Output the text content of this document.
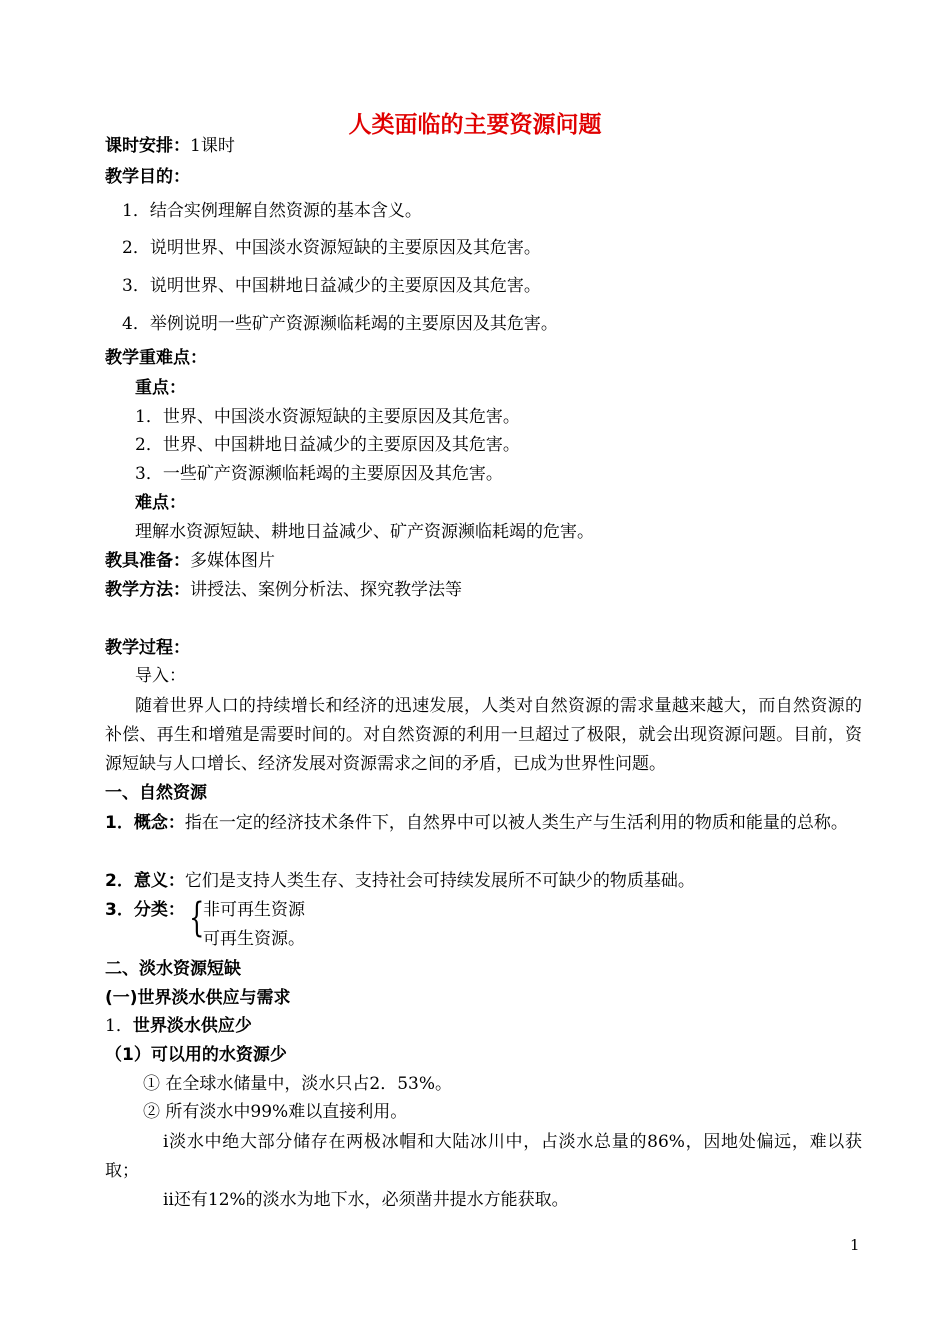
人类面临的主要资源问题
课时安排：1课时
教学目的：
1．结合实例理解自然资源的基本含义。
2．说明世界、中国淡水资源短缺的主要原因及其危害。
3．说明世界、中国耕地日益减少的主要原因及其危害。
4．举例说明一些矿产资源濒临耗竭的主要原因及其危害。
教学重难点：
重点：
1．世界、中国淡水资源短缺的主要原因及其危害。
2．世界、中国耕地日益减少的主要原因及其危害。
3．一些矿产资源濒临耗竭的主要原因及其危害。
难点：
理解水资源短缺、耕地日益减少、矿产资源濒临耗竭的危害。
教具准备：多媒体图片
教学方法：讲授法、案例分析法、探究教学法等
教学过程：
导入：
随着世界人口的持续增长和经济的迅速发展，人类对自然资源的需求量越来越大，而自然资源的补偿、再生和增殖是需要时间的。对自然资源的利用一旦超过了极限，就会出现资源问题。目前，资源短缺与人口增长、经济发展对资源需求之间的矛盾，已成为世界性问题。
一、自然资源
1．概念：指在一定的经济技术条件下，自然界中可以被人类生产与生活利用的物质和能量的总称。
2．意义：它们是支持人类生存、支持社会可持续发展所不可缺少的物质基础。
3．分类： {
非可再生资源
可再生资源。
二、淡水资源短缺
(一)世界淡水供应与需求
1．世界淡水供应少
（1）可以用的水资源少
① 在全球水储量中，淡水只占2．53%。
② 所有淡水中99%难以直接利用。
ⅰ淡水中绝大部分储存在两极冰帽和大陆冰川中，占淡水总量的86%，因地处偏远，难以获取；
ⅱ还有12%的淡水为地下水，必须凿井提水方能获取。
1
